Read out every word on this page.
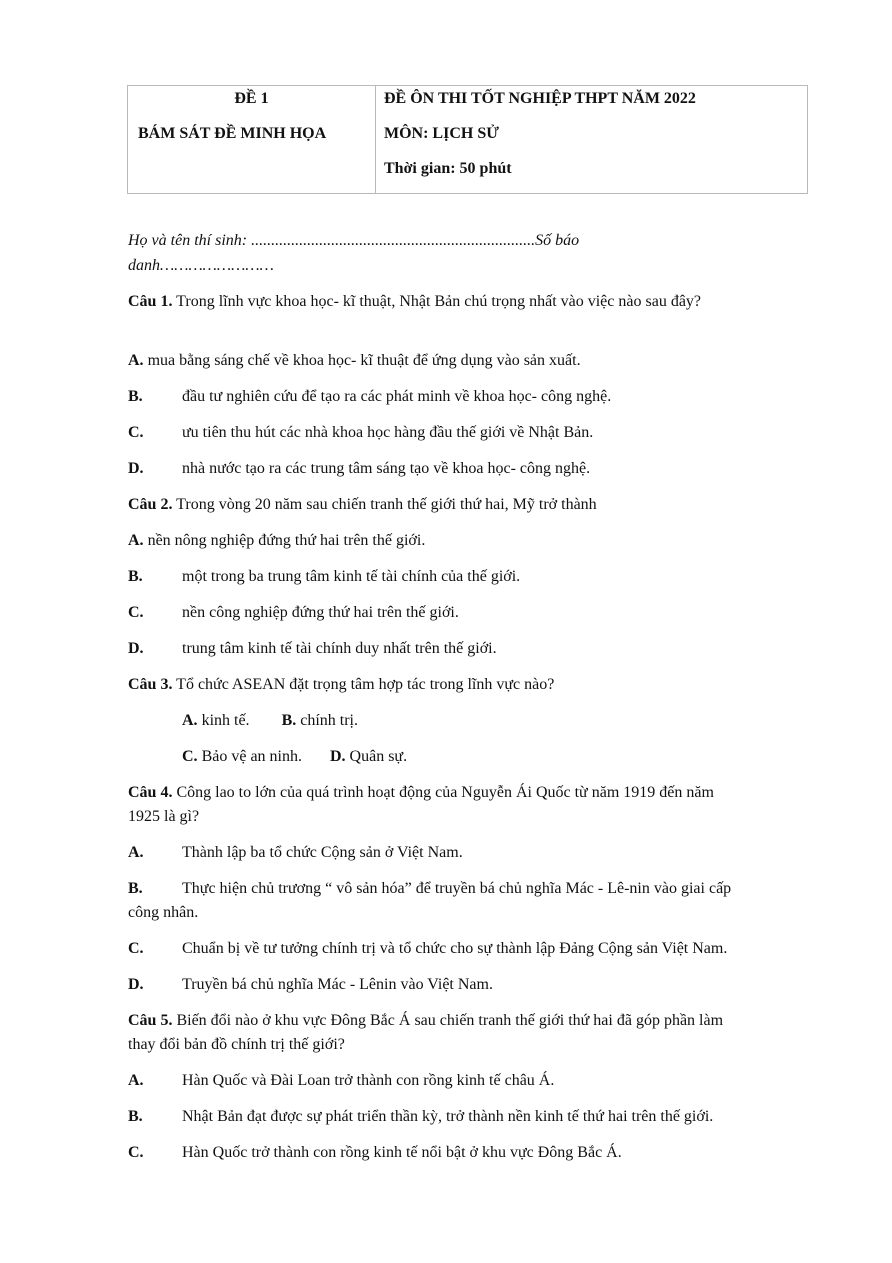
ĐỀ 1
BÁM SÁT ĐỀ MINH HỌA
ĐỀ ÔN THI TỐT NGHIỆP THPT NĂM 2022
MÔN: LỊCH SỬ
Thời gian: 50 phút
Họ và tên thí sinh: .......................................................................Số báo
danh……………………
Câu 1. Trong lĩnh vực khoa học- kĩ thuật, Nhật Bản chú trọng nhất vào việc nào sau đây?
A. mua bằng sáng chế về khoa học- kĩ thuật để ứng dụng vào sản xuất.
B. đầu tư nghiên cứu để tạo ra các phát minh về khoa học- công nghệ.
C. ưu tiên thu hút các nhà khoa học hàng đầu thế giới về Nhật Bản.
D. nhà nước tạo ra các trung tâm sáng tạo về khoa học- công nghệ.
Câu 2. Trong vòng 20 năm sau chiến tranh thế giới thứ hai, Mỹ trở thành
A. nền nông nghiệp đứng thứ hai trên thế giới.
B. một trong ba trung tâm kinh tế tài chính của thế giới.
C. nền công nghiệp đứng thứ hai trên thế giới.
D. trung tâm kinh tế tài chính duy nhất trên thế giới.
Câu 3. Tổ chức ASEAN đặt trọng tâm hợp tác trong lĩnh vực nào?
A. kinh tế. B. chính trị.
C. Bảo vệ an ninh. D. Quân sự.
Câu 4. Công lao to lớn của quá trình hoạt động của Nguyễn Ái Quốc từ năm 1919 đến năm
1925 là gì?
A. Thành lập ba tổ chức Cộng sản ở Việt Nam.
B. Thực hiện chủ trương “ vô sản hóa” để truyền bá chủ nghĩa Mác - Lê-nin vào giai cấp
công nhân.
C. Chuẩn bị về tư tưởng chính trị và tổ chức cho sự thành lập Đảng Cộng sản Việt Nam.
D. Truyền bá chủ nghĩa Mác - Lênin vào Việt Nam.
Câu 5. Biến đổi nào ở khu vực Đông Bắc Á sau chiến tranh thế giới thứ hai đã góp phần làm
thay đổi bản đồ chính trị thế giới?
A. Hàn Quốc và Đài Loan trở thành con rồng kinh tế châu Á.
B. Nhật Bản đạt được sự phát triển thần kỳ, trở thành nền kinh tế thứ hai trên thế giới.
C. Hàn Quốc trở thành con rồng kinh tế nổi bật ở khu vực Đông Bắc Á.
